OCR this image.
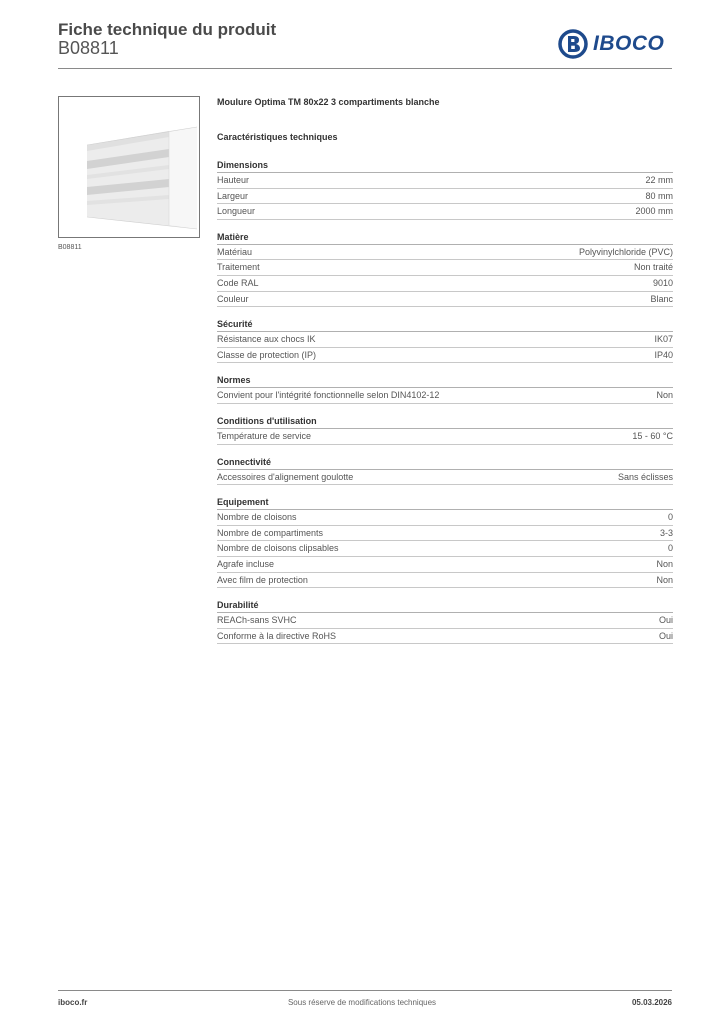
Fiche technique du produit
B08811	IBOCO
B08811
Moulure Optima TM 80x22 3 compartiments blanche
Caractéristiques techniques
Dimensions
Hauteur	22 mm
Largeur	80 mm
Longueur	2000 mm
Matière
Matériau	Polyvinylchloride (PVC)
Traitement	Non traité
Code RAL	9010
Couleur	Blanc
Sécurité
Résistance aux chocs IK	IK07
Classe de protection (IP)	IP40
Normes
Convient pour l'intégrité fonctionnelle selon DIN4102-12	Non
Conditions d'utilisation
Température de service	15 - 60 °C
Connectivité
Accessoires d'alignement goulotte	Sans éclisses
Equipement
Nombre de cloisons	0
Nombre de compartiments	3-3
Nombre de cloisons clipsables	0
Agrafe incluse	Non
Avec film de protection	Non
Durabilité
REACh-sans SVHC	Oui
Conforme à la directive RoHS	Oui
iboco.fr	Sous réserve de modifications techniques	05.03.2026
